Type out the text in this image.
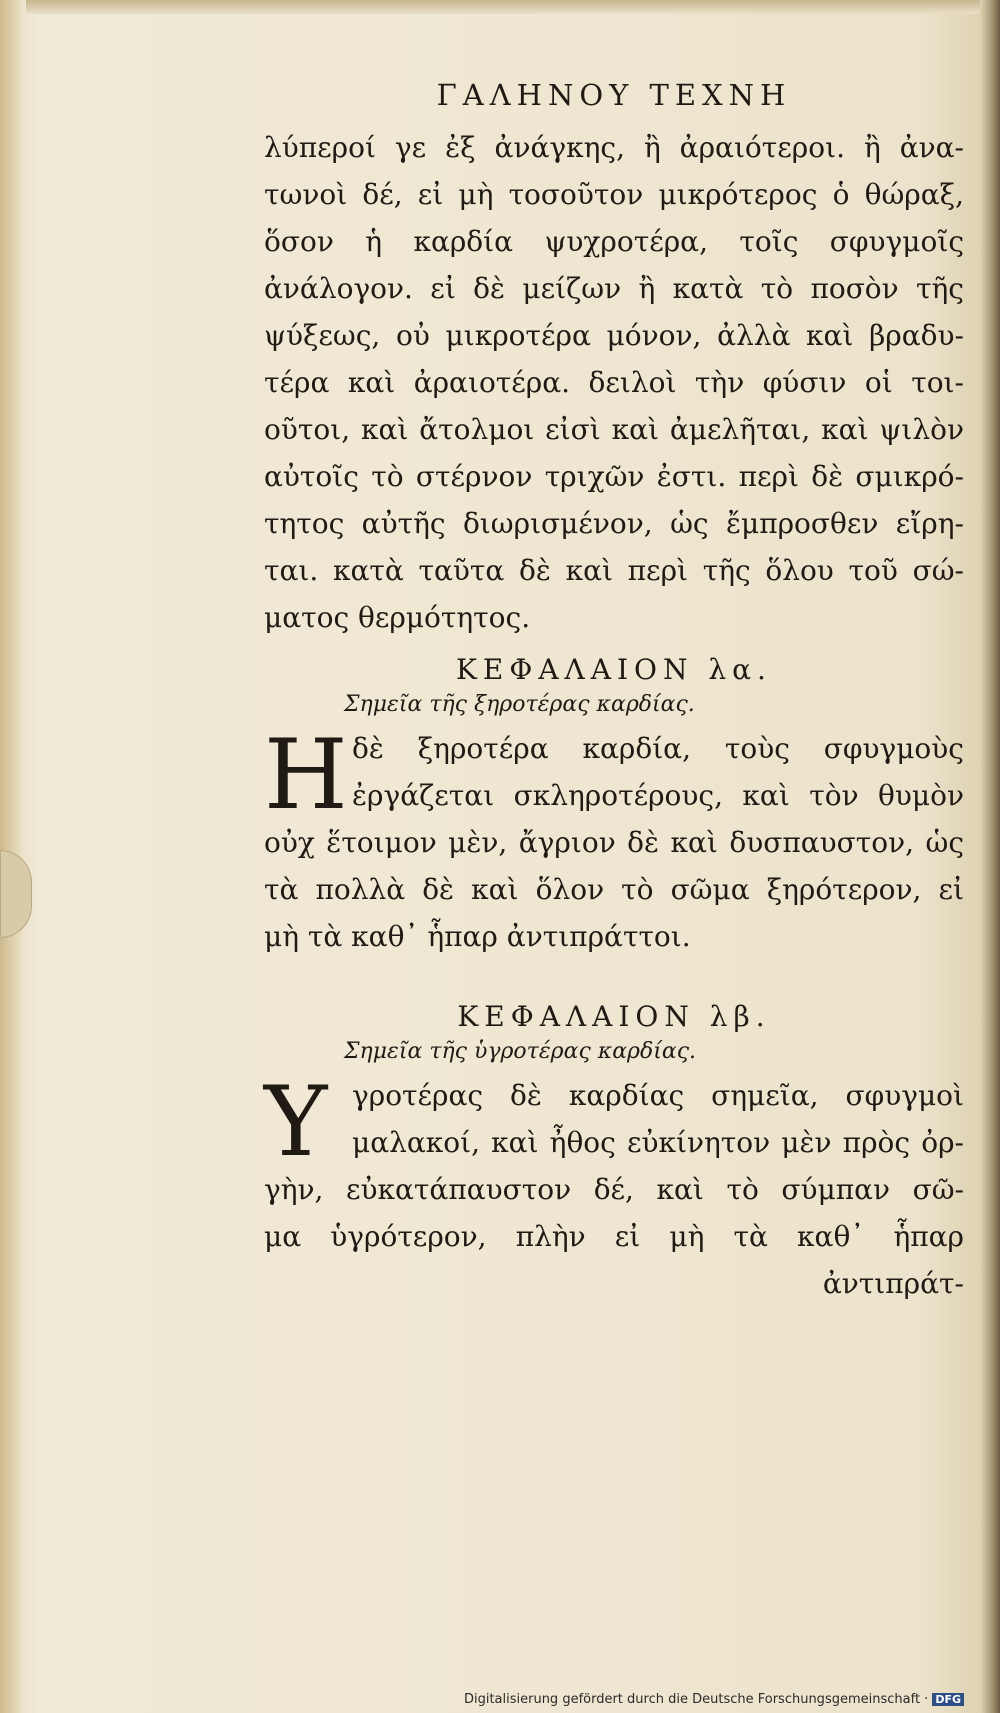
ΓΑΛΗΝΟΥ ΤΕΧΝΗ
λύπεροί γε ἐξ ἀνάγκης, ἢ ἀραιότεροι. ἢ ἀνα-
τωνοὶ δέ, εἰ μὴ τοσοῦτον μικρότερος ὁ θώραξ,
ὅσον ἡ καρδία ψυχροτέρα, τοῖς σφυγμοῖς
ἀνάλογον. εἰ δὲ μείζων ἢ κατὰ τὸ ποσὸν τῆς
ψύξεως, οὐ μικροτέρα μόνον, ἀλλὰ καὶ βραδυ-
τέρα καὶ ἀραιοτέρα. δειλοὶ τὴν φύσιν οἱ τοι-
οῦτοι, καὶ ἄτολμοι εἰσὶ καὶ ἀμελῆται, καὶ ψιλὸν
αὐτοῖς τὸ στέρνον τριχῶν ἐστι. περὶ δὲ σμικρό-
τητος αὐτῆς διωρισμένον, ὡς ἔμπροσθεν εἴρη-
ται. κατὰ ταῦτα δὲ καὶ περὶ τῆς ὅλου τοῦ σώ-
ματος θερμότητος.
ΚΕΦΑΛΑΙΟΝ λα.
Σημεῖα τῆς ξηροτέρας καρδίας.
Η δὲ ξηροτέρα καρδία, τοὺς σφυγμοὺς
ἐργάζεται σκληροτέρους, καὶ τὸν θυμὸν
οὐχ ἕτοιμον μὲν, ἄγριον δὲ καὶ δυσπαυστον, ὡς
τὰ πολλὰ δὲ καὶ ὅλον τὸ σῶμα ξηρότερον, εἰ
μὴ τὰ καθ᾽ ἧπαρ ἀντιπράττοι.
ΚΕΦΑΛΑΙΟΝ λβ.
Σημεῖα τῆς ὑγροτέρας καρδίας.
Υ γροτέρας δὲ καρδίας σημεῖα, σφυγμοὶ
μαλακοί, καὶ ἦθος εὐκίνητον μὲν πρὸς ὀρ-
γὴν, εὐκατάπαυστον δέ, καὶ τὸ σύμπαν σῶ-
μα ὑγρότερον, πλὴν εἰ μὴ τὰ καθ᾽ ἧπαρ
ἀντιπράτ-
Digitalisierung gefördert durch die Deutsche Forschungsgemeinschaft · DFG
